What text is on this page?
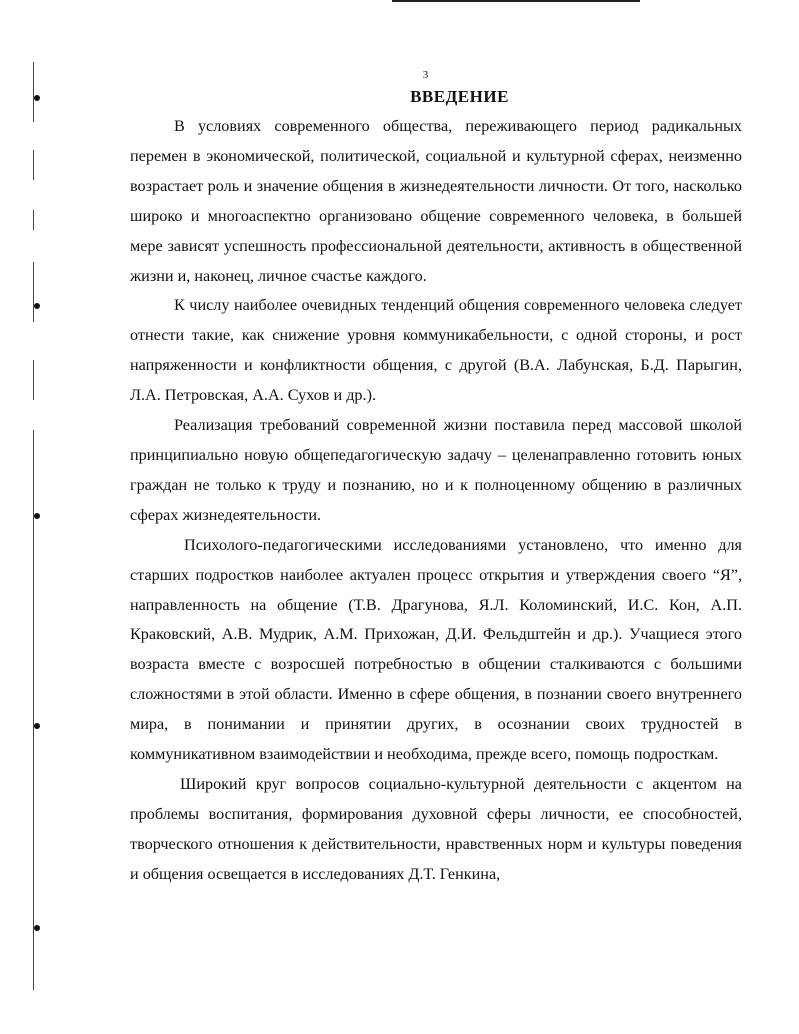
3
ВВЕДЕНИЕ

В условиях современного общества, переживающего период радикальных перемен в экономической, политической, социальной и культурной сферах, неизменно возрастает роль и значение общения в жизнедеятельности личности. От того, насколько широко и многоаспектно организовано общение современного человека, в большей мере зависят успешность профессиональной деятельности, активность в общественной жизни и, наконец, личное счастье каждого.

К числу наиболее очевидных тенденций общения современного человека следует отнести такие, как снижение уровня коммуникабельности, с одной стороны, и рост напряженности и конфликтности общения, с другой (В.А. Лабунская, Б.Д. Парыгин, Л.А. Петровская, А.А. Сухов и др.).

Реализация требований современной жизни поставила перед массовой школой принципиально новую общепедагогическую задачу – целенаправленно готовить юных граждан не только к труду и познанию, но и к полноценному общению в различных сферах жизнедеятельности.

Психолого-педагогическими исследованиями установлено, что именно для старших подростков наиболее актуален процесс открытия и утверждения своего “Я”, направленность на общение (Т.В. Драгунова, Я.Л. Коломинский, И.С. Кон, А.П. Краковский, А.В. Мудрик, А.М. Прихожан, Д.И. Фельдштейн и др.). Учащиеся этого возраста вместе с возросшей потребностью в общении сталкиваются с большими сложностями в этой области. Именно в сфере общения, в познании своего внутреннего мира, в понимании и принятии других, в осознании своих трудностей в коммуникативном взаимодействии и необходима, прежде всего, помощь подросткам.

Широкий круг вопросов социально-культурной деятельности с акцентом на проблемы воспитания, формирования духовной сферы личности, ее способностей, творческого отношения к действительности, нравственных норм и культуры поведения и общения освещается в исследованиях Д.Т. Генкина,
